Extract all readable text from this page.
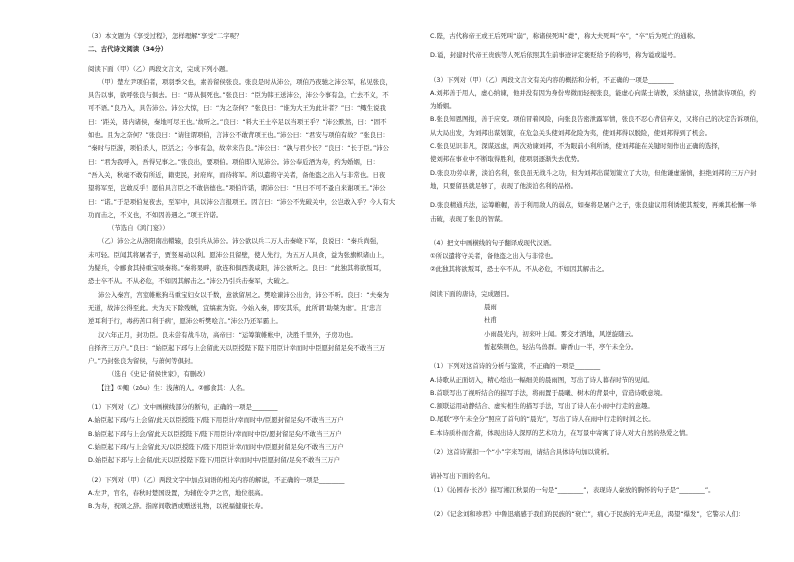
（3）本文题为《享受过程》，怎样理解“享受”二字呢？
二、古代诗文阅读（34分）
阅读下面（甲）（乙）两段文言文，完成下列小题。
（甲）楚左尹项伯者，项羽季父也，素善留侯张良。张良是时从沛公，项伯乃夜驰之沛公军，私见张良，
具告以事，欲呼张良与俱去。曰：“毋从俱死也。”张良曰：“臣为韩王送沛公，沛公今事有急，亡去不义，不
可不语。”良乃入，具告沛公。沛公大惊，曰：“为之奈何？”张良曰：“谁为大王为此计者？”曰：“鲰生说我
曰：‘距关，毋内诸侯，秦地可尽王也。’故听之。”良曰：“料大王士卒足以当项王乎？”沛公默然，曰：“固不
如也。且为之奈何？”张良曰：“请往谓项伯，言沛公不敢背项王也。”沛公曰：“君安与项伯有故？”张良曰：
“秦时与臣游，项伯杀人，臣活之；今事有急，故幸来告良。”沛公曰：“孰与君少长？”良曰：“长于臣。”沛公
曰：“君为我呼入，吾得兄事之。”张良出，要项伯。项伯即入见沛公。沛公奉卮酒为寿，约为婚姻，曰：
“吾入关，秋毫不敢有所近，籍吏民，封府库，而待将军。所以遣将守关者，备他盗之出入与非常也。日夜
望将军至，岂敢反乎！愿伯具言臣之不敢倍德也。”项伯许诺，谓沛公曰：“旦日不可不蚤自来谢项王。”沛公
曰：“诺。”于是项伯复夜去，至军中，具以沛公言报项王。因言曰：“沛公不先破关中，公岂敢入乎？今人有大
功而击之，不义也，不如因善遇之。”项王许诺。
（节选自《鸿门宴》）
（乙）沛公之从洛阳南出轘辕，良引兵从沛公。沛公欲以兵二万人击秦峣下军，良说曰：“秦兵尚强，
未可轻。臣闻其将屠者子，贾竖易动以利。愿沛公且留壁，使人先行，为五万人具食，益为张旗帜诸山上，
为疑兵，令郦食其持重宝啖秦将。”秦将果畔，欲连和俱西袭咸阳，沛公欲听之。良曰：“此独其将欲叛耳，
恐士卒不从。不从必危，不如因其解击之。”沛公乃引兵击秦军，大破之。
沛公入秦宫，宫室帷帐狗马重宝妇女以千数，意欲留居之。樊哙谏沛公出舍，沛公不听。良曰：“夫秦为
无道，故沛公得至此。夫为天下除残贼，宜缟素为资。今始入秦，即安其乐，此所谓‘助桀为虐’。且‘忠言
逆耳利于行，毒药苦口利于病’，愿沛公听樊哙言。”沛公乃还军霸上。
汉六年正月，封功臣。良未尝有战斗功，高帝曰：“运筹策帷帐中，决胜千里外，子房功也。
自择齐三万户。”良曰：“始臣起下邳与上会留此天以臣授陛下陛下用臣计幸而时中臣愿封留足矣不敢当三万
户。”乃封张良为留侯，与萧何等俱封。
（选自《史记·留侯世家》，有删改）
【注】①鲰（zōu）生：浅薄的人。②郦食其：人名。
（1）下列对（乙）文中画横线部分的断句，正确的一项是________
A.始臣起下邳/与上会留/此天以臣授陛下/陛下用臣计/幸而时中/臣愿封留足矣/不敢当三万户
B.始臣起下邳与上会/留此天以臣授陛下/陛下用臣计/幸而时中臣/愿封留足矣/不敢当三万户
C.始臣起下邳/与上会留此天/以臣授陛下/陛下用臣计幸/而时中/臣愿封留足矣/不敢当三万户
D.始臣起下邳与上会留/此天以臣授陛下陛下/用臣计幸而时中/臣愿封留/足矣不敢当三万户
（2）下列对（甲）（乙）两段文字中加点词语的相关内容的解说，不正确的一项是________
A.左尹，官名，春秋时楚国设置，为辅佐令尹之官，地位很高。
B.为寿，祝颂之辞。指席间敬酒或赠送礼物，以祝福健康长寿。
C.陛，古代称帝王或王后死叫“崩”，称诸侯死叫“薨”，称大夫死叫“卒”，“卒”后为死亡的通称。
D.谥，封建时代帝王贵族等人死后依照其生前事迹评定褒贬给予的称号，称为谥或谥号。
（3）下列对（甲）（乙）两段文言文有关内容的概括和分析，不正确的一项是________
A.刘邦善于用人，虚心纳谏，他并没有因为身份卑微而轻视张良，能虚心向谋士请教，采纳建议，热情款待项伯，约
为婚姻。
B.张良知恩图报，善于应变。项伯冒着风险，向张良告密泄露军情，张良不忍心背信弃义，又将自己的决定告诉项伯，
从大局出发，为刘邦出谋划策，在危急关头使刘邦化险为夷，使刘邦得以脱险，使刘邦得到了机会。
C.张良见识非凡，深谋远虑，两次劝谏刘邦，不为眼前小利所诱，使刘邦能在关键时刻作出正确的选择，
使刘邦在事业中不断取得胜利，使项羽逐渐失去优势。
D.张良功劳卓著，淡泊名利，张良虽无战斗之功，但为刘邦出谋划策立了大功，但他谦虚谨慎，拒绝刘邦的三万户封
地，只要留县就足够了，表现了他淡泊名利的品格。
D.张良精通兵法，运筹帷幄，善于利用敌人的弱点，如秦将是屠户之子，张良建议用利诱使其叛变，再乘其松懈一举
击破，表现了张良的智谋。
（4）把文中画横线的句子翻译成现代汉语。
①所以遣将守关者，备他盗之出入与非常也。
②此独其将欲叛耳，恐士卒不从。不从必危，不如因其解击之。
阅读下面的唐诗，完成题目。
晨雨
杜甫
小雨晨光内，初来叶上闻。雾交才洒地，风逆旋随云。
暂起柴荆色，轻沾鸟兽群。麝香山一半，亭午未全分。
（1）下列对这首诗的分析与鉴赏，不正确的一项是________
A.诗歌从正面切入，精心绘出一幅细美的晨雨图，写出了诗人暮春时节的见闻。
B.首联写出了视听结合的描写手法，将雨置于晨曦、树木的背景中，营造诗歌意境。
C.颔联运用动静结合、虚实相生的描写手法，写出了诗人在小雨中行走的意趣。
D.尾联“亭午未全分”照应了首句的“晨光”，写出了诗人在雨中行走的时间之长。
E.本诗质朴而含蓄，体现出诗人深厚的艺术功力，在写景中寄寓了诗人对大自然的热爱之情。
（2）这首诗紧扣一个“小”字来写雨，请结合具体诗句加以赏析。
请补写出下面的名句。
（1）《沁园春·长沙》描写湘江秋景的一句是“________”，表现诗人豪放的胸怀的句子是“________”。
（2）《记念刘和珍君》中鲁迅痛感于我们的民族的“衰亡”，痛心于民族的无声无息，渴望“爆发”，它警示人们：
